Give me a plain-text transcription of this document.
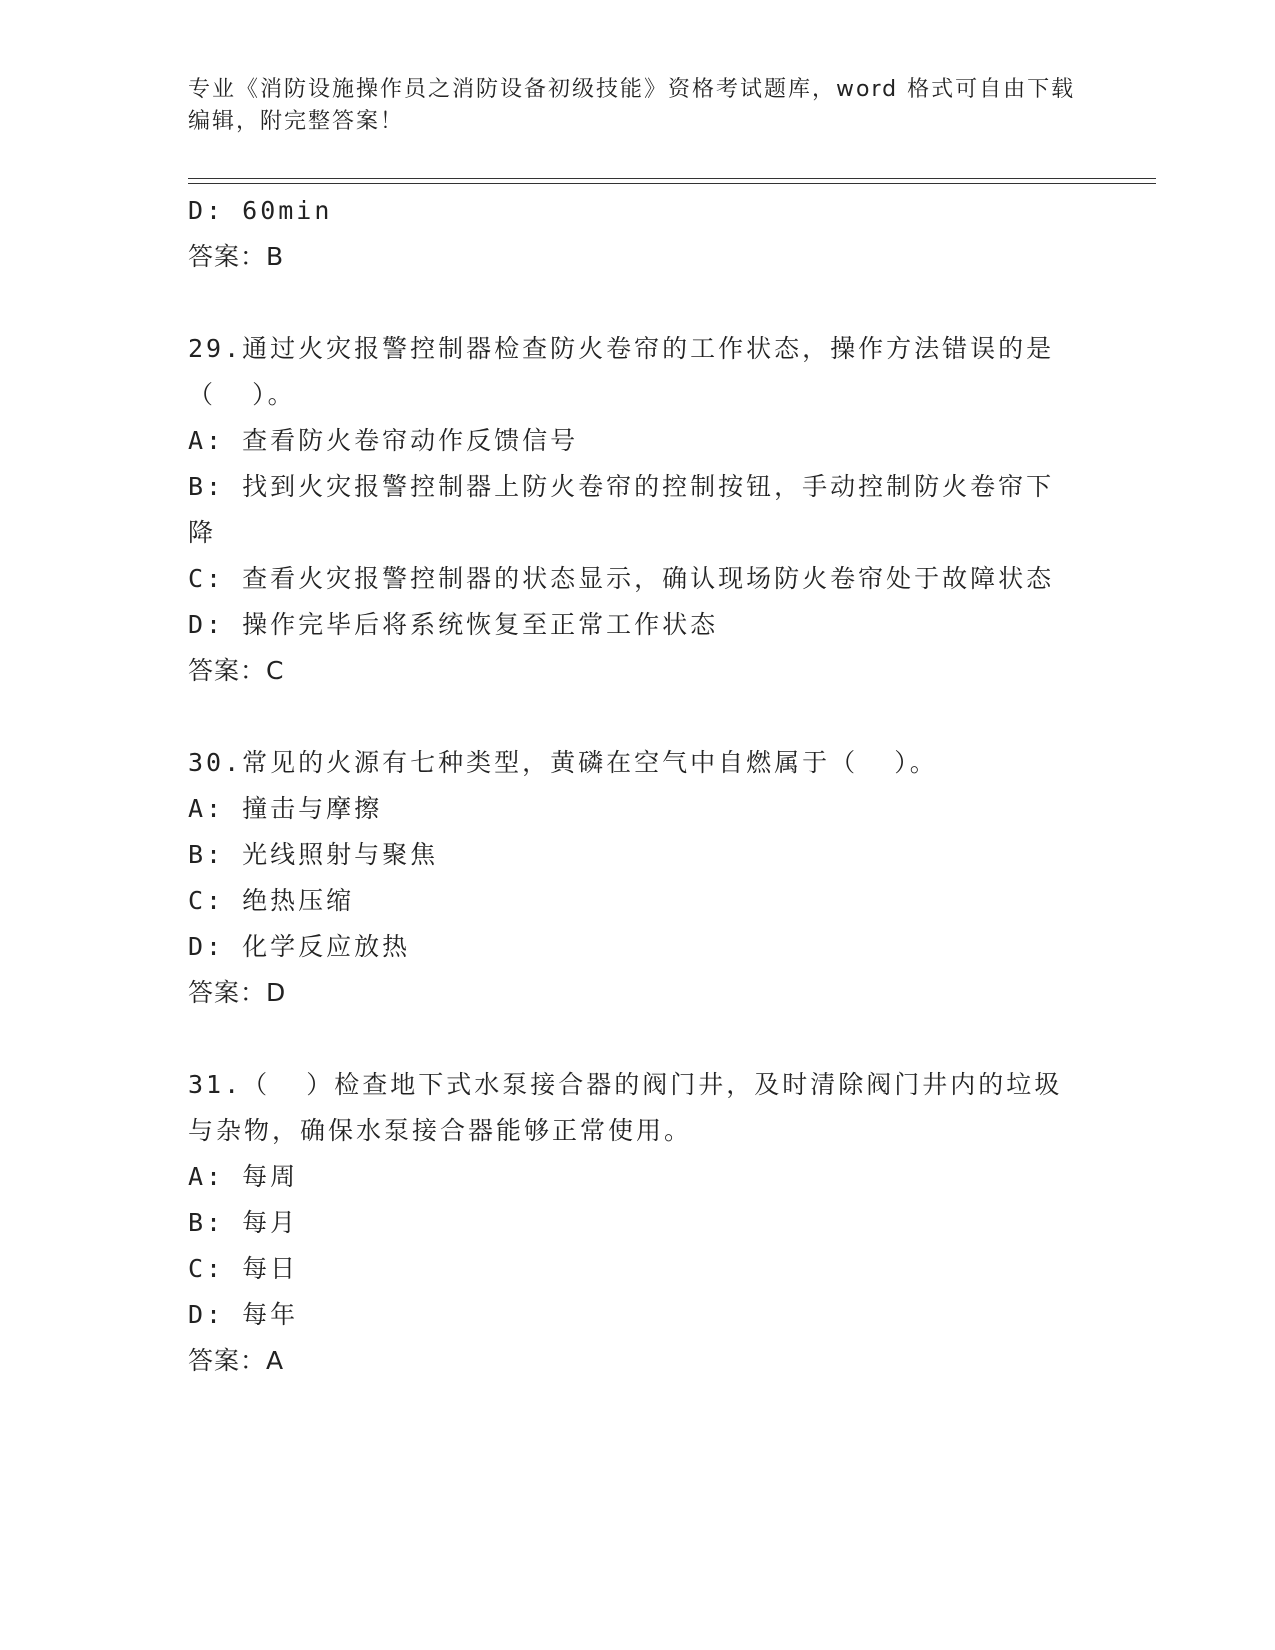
专业《消防设施操作员之消防设备初级技能》资格考试题库，word 格式可自由下载编辑，附完整答案！
D: 60min
答案：B
29.通过火灾报警控制器检查防火卷帘的工作状态，操作方法错误的是
（  ）。
A: 查看防火卷帘动作反馈信号
B: 找到火灾报警控制器上防火卷帘的控制按钮，手动控制防火卷帘下
降
C: 查看火灾报警控制器的状态显示，确认现场防火卷帘处于故障状态
D: 操作完毕后将系统恢复至正常工作状态
答案：C
30.常见的火源有七种类型，黄磷在空气中自燃属于（  ）。
A: 撞击与摩擦
B: 光线照射与聚焦
C: 绝热压缩
D: 化学反应放热
答案：D
31.（  ）检查地下式水泵接合器的阀门井，及时清除阀门井内的垃圾
与杂物，确保水泵接合器能够正常使用。
A: 每周
B: 每月
C: 每日
D: 每年
答案：A
